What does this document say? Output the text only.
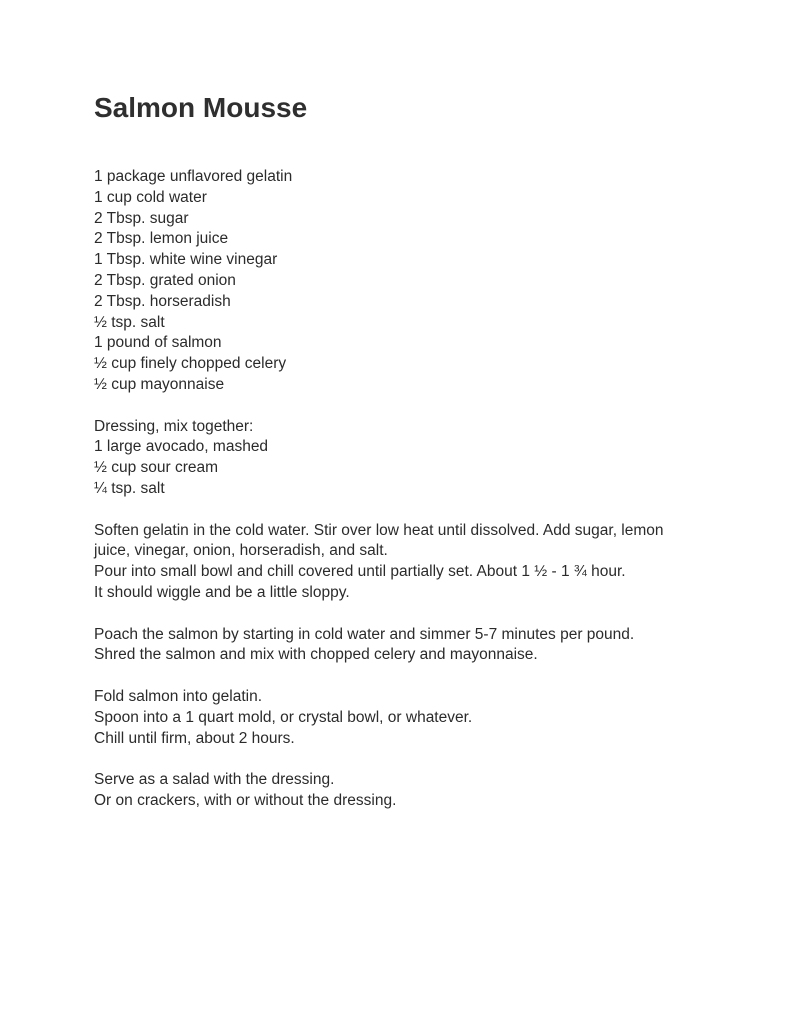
Salmon Mousse
1 package unflavored gelatin
1 cup cold water
2 Tbsp. sugar
2 Tbsp. lemon juice
1 Tbsp. white wine vinegar
2 Tbsp. grated onion
2 Tbsp. horseradish
½ tsp. salt
1 pound of salmon
½ cup finely chopped celery
½ cup mayonnaise
Dressing, mix together:
1 large avocado, mashed
½ cup sour cream
¼ tsp. salt
Soften gelatin in the cold water. Stir over low heat until dissolved. Add sugar, lemon juice, vinegar, onion, horseradish, and salt.
Pour into small bowl and chill covered until partially set. About 1 ½ - 1 ¾ hour.
It should wiggle and be a little sloppy.
Poach the salmon by starting in cold water and simmer 5-7 minutes per pound.
Shred the salmon and mix with chopped celery and mayonnaise.
Fold salmon into gelatin.
Spoon into a 1 quart mold, or crystal bowl, or whatever.
Chill until firm, about 2 hours.
Serve as a salad with the dressing.
Or on crackers, with or without the dressing.
